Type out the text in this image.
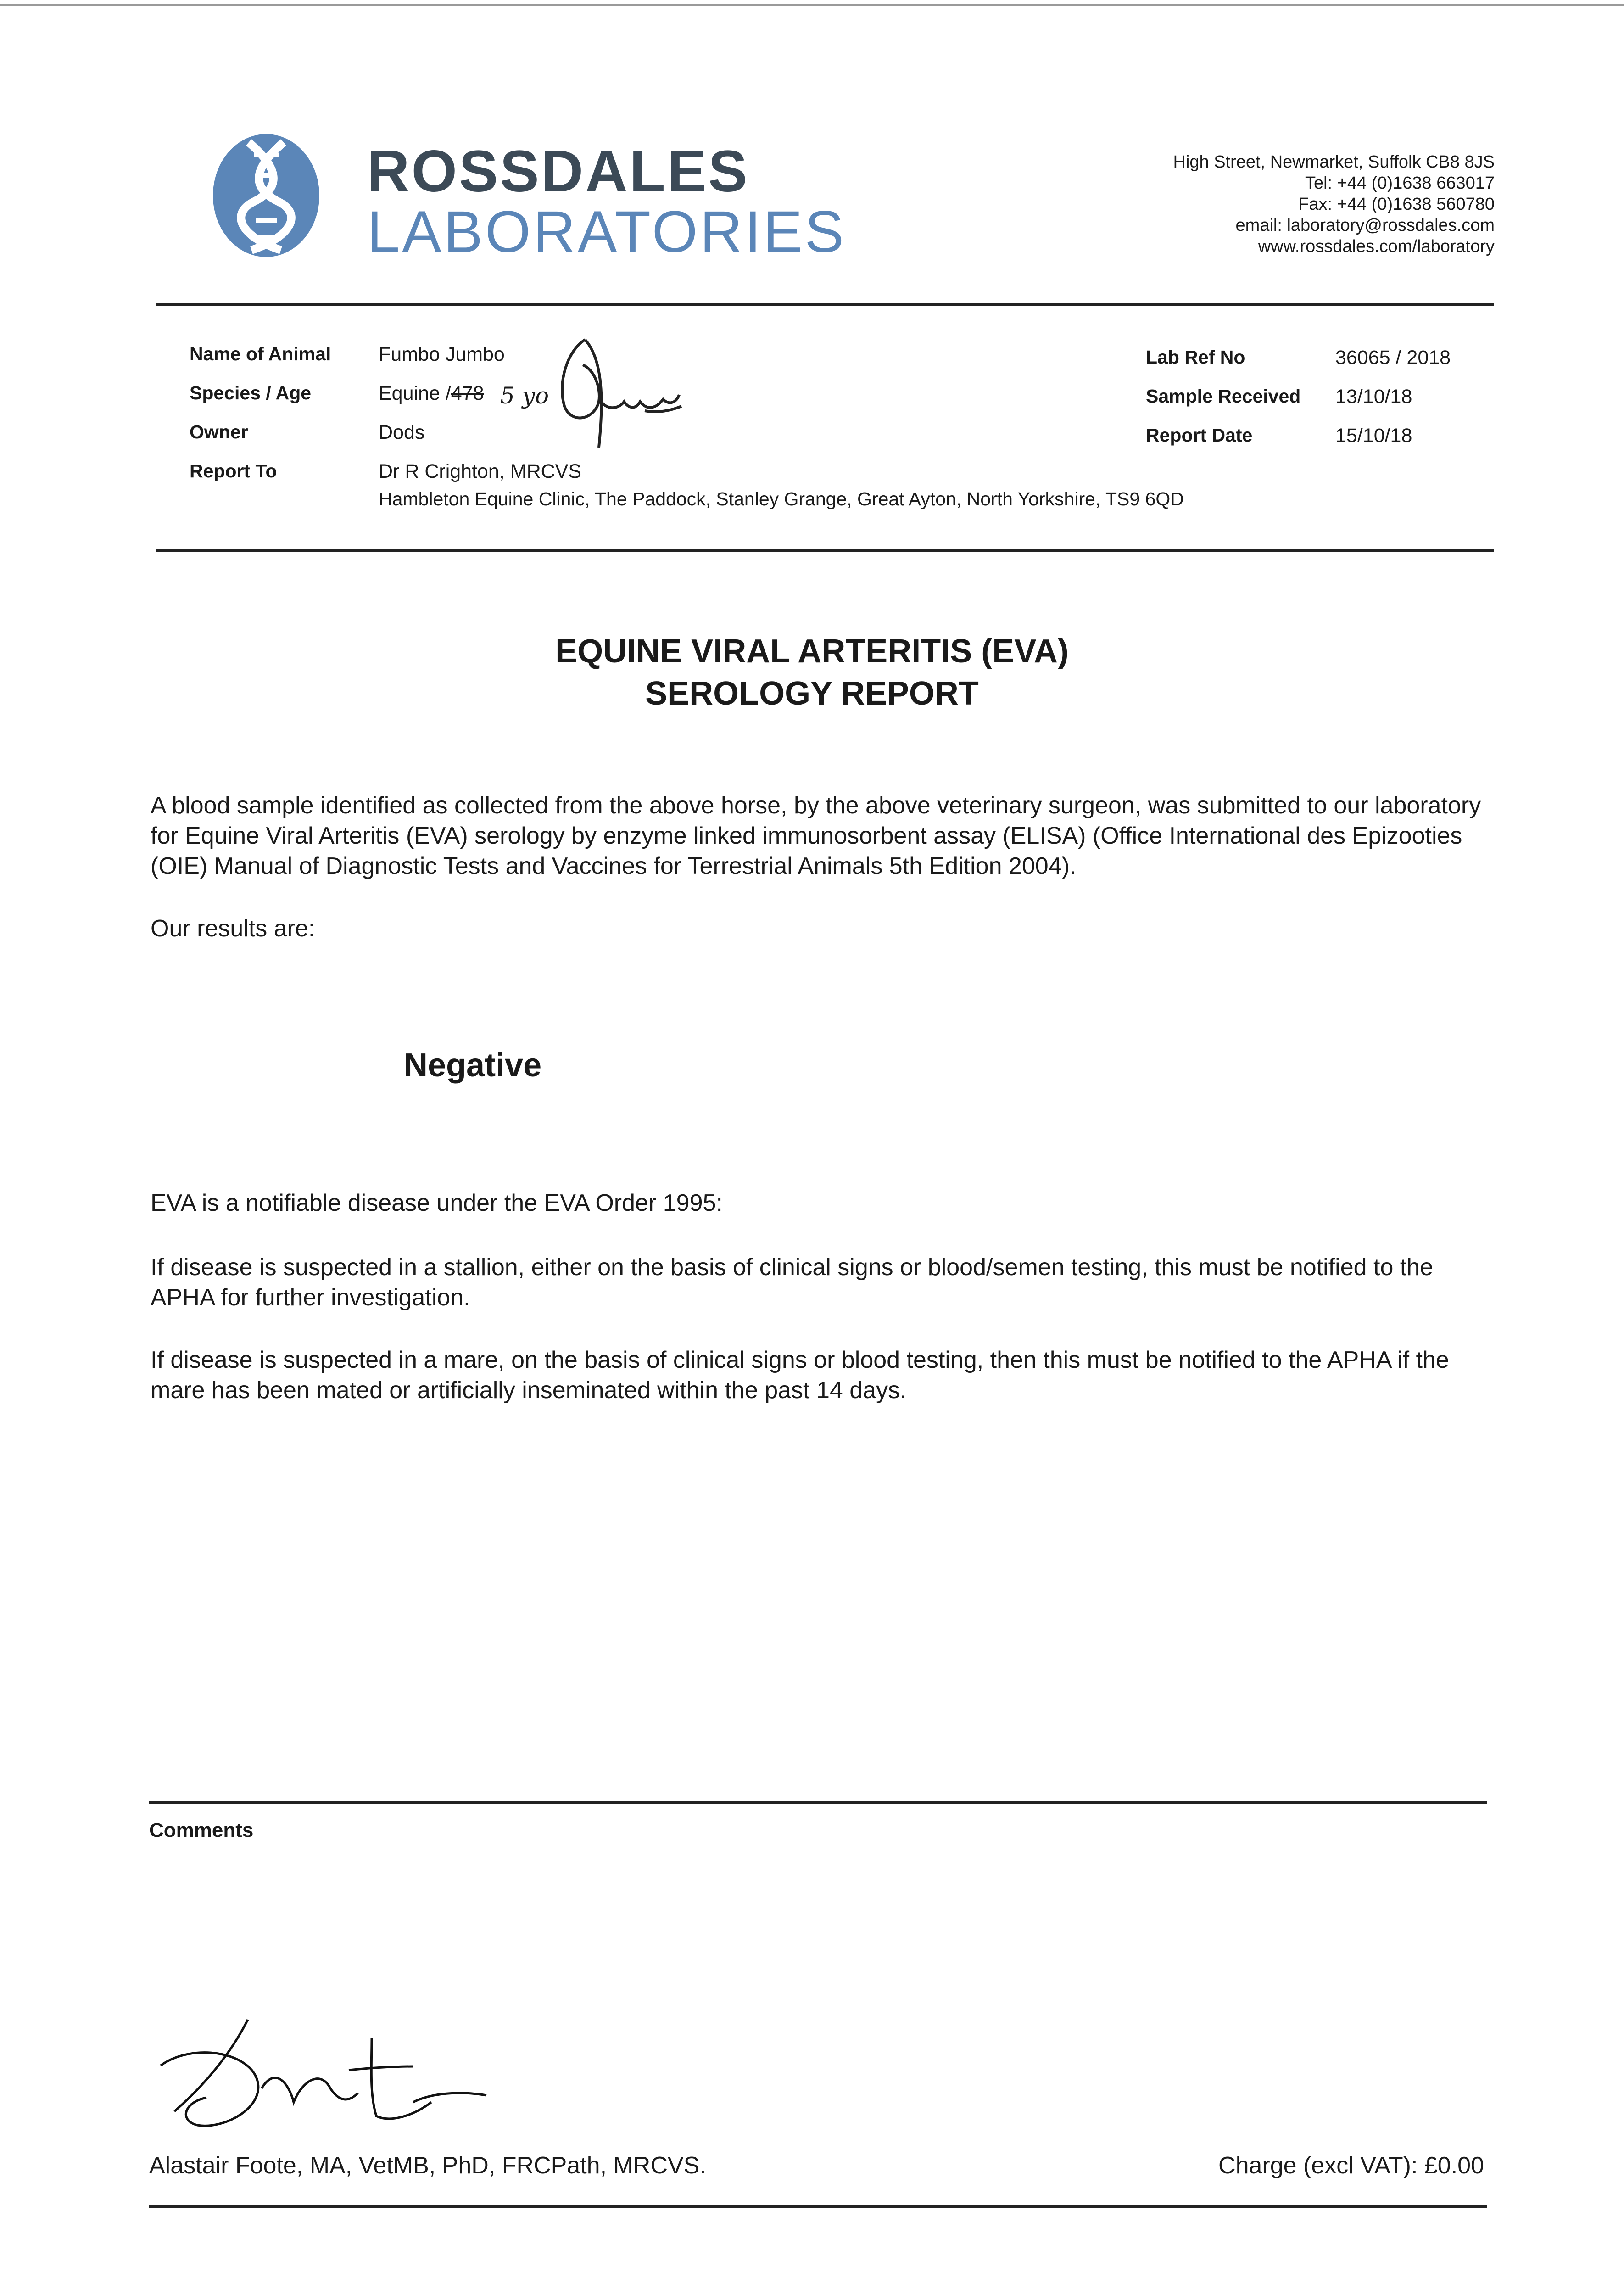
ROSSDALES
LABORATORIES
High Street, Newmarket, Suffolk CB8 8JS
Tel: +44 (0)1638 663017
Fax: +44 (0)1638 560780
email: laboratory@rossdales.com
www.rossdales.com/laboratory
Name of Animal Fumbo Jumbo
Species / Age	Equine /478 5 yo
Owner	Dods
Report To	Dr R Crighton, MRCVS
Hambleton Equine Clinic, The Paddock, Stanley Grange, Great Ayton, North Yorkshire, TS9 6QD
Lab Ref No	36065 / 2018
Sample Received 13/10/18
Report Date	15/10/18
EQUINE VIRAL ARTERITIS (EVA)
SEROLOGY REPORT
A blood sample identified as collected from the above horse, by the above veterinary surgeon, was submitted to our laboratory for Equine Viral Arteritis (EVA) serology by enzyme linked immunosorbent assay (ELISA) (Office International des Epizooties (OIE) Manual of Diagnostic Tests and Vaccines for Terrestrial Animals 5th Edition 2004).
Our results are:
Negative
EVA is a notifiable disease under the EVA Order 1995:
If disease is suspected in a stallion, either on the basis of clinical signs or blood/semen testing, this must be notified to the APHA for further investigation.
If disease is suspected in a mare, on the basis of clinical signs or blood testing, then this must be notified to the APHA if the mare has been mated or artificially inseminated within the past 14 days.
Comments
Alastair Foote, MA, VetMB, PhD, FRCPath, MRCVS.	Charge (excl VAT): £0.00
